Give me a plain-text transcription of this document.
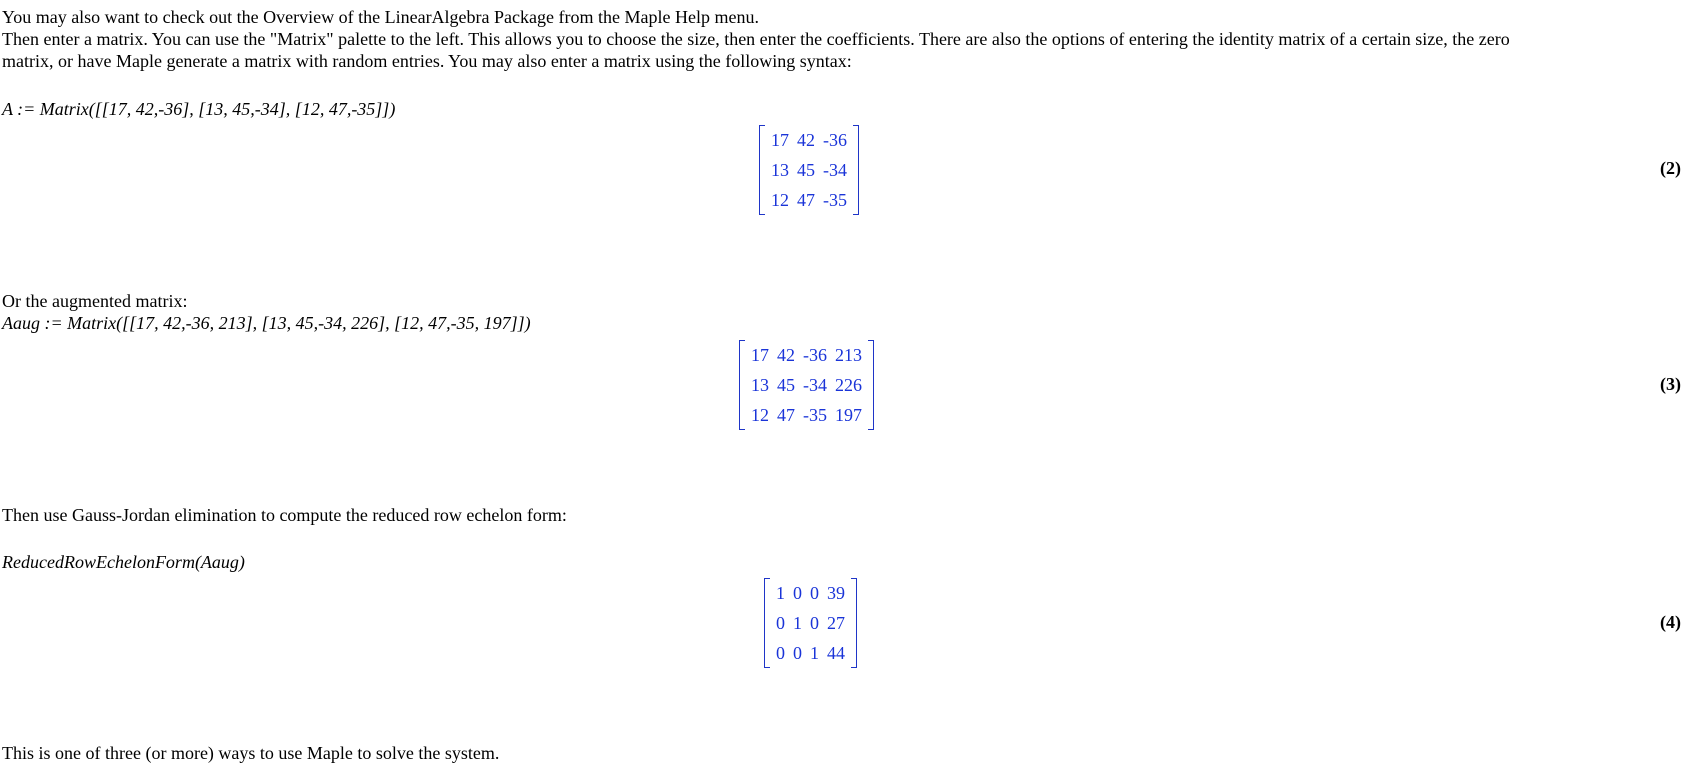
You may also want to check out the Overview of the LinearAlgebra Package from the Maple Help menu.
Then enter a matrix. You can use the "Matrix" palette to the left. This allows you to choose the size, then enter the coefficients. There are also the options of entering the identity matrix of a certain size, the zero
matrix, or have Maple generate a matrix with random entries. You may also enter a matrix using the following syntax:
A := Matrix([[17, 42,-36], [13, 45,-34], [12, 47,-35]])
17	42	-36
13	45	-34
12	47	-35
(2)
Or the augmented matrix:
Aaug := Matrix([[17, 42,-36, 213], [13, 45,-34, 226], [12, 47,-35, 197]])
17	42	-36	213
13	45	-34	226
12	47	-35	197
(3)
Then use Gauss-Jordan elimination to compute the reduced row echelon form:
ReducedRowEchelonForm(Aaug)
1	0	0	39
0	1	0	27
0	0	1	44
(4)
This is one of three (or more) ways to use Maple to solve the system.
